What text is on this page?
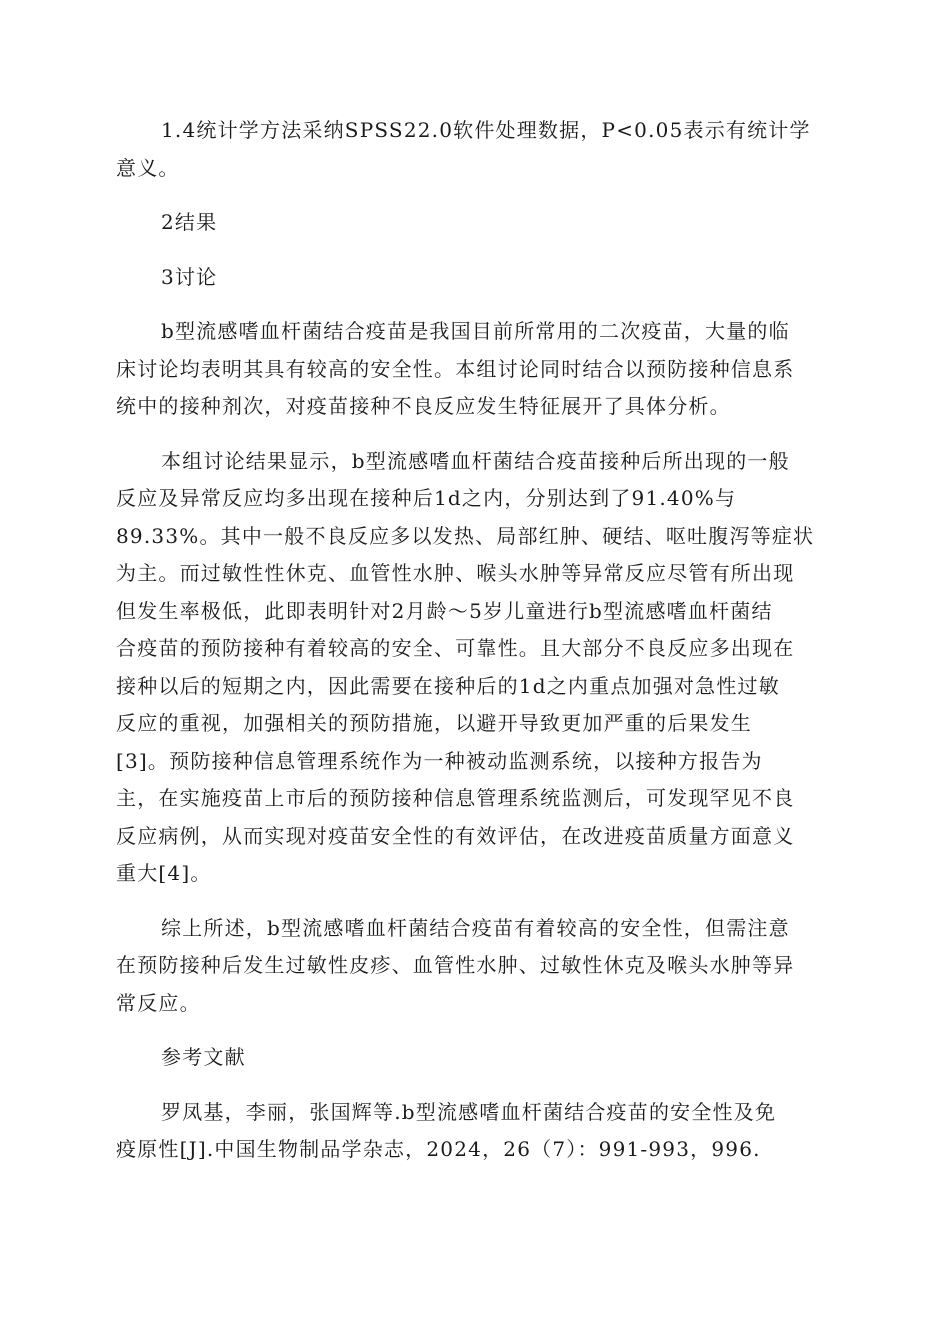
1.4统计学方法采纳SPSS22.0软件处理数据，P<0.05表示有统计学
意义。

2结果
3讨论

b型流感嗜血杆菌结合疫苗是我国目前所常用的二次疫苗，大量的临
床讨论均表明其具有较高的安全性。本组讨论同时结合以预防接种信息系
统中的接种剂次，对疫苗接种不良反应发生特征展开了具体分析。

本组讨论结果显示，b型流感嗜血杆菌结合疫苗接种后所出现的一般
反应及异常反应均多出现在接种后1d之内，分别达到了91.40%与
89.33%。其中一般不良反应多以发热、局部红肿、硬结、呕吐腹泻等症状
为主。而过敏性性休克、血管性水肿、喉头水肿等异常反应尽管有所出现
但发生率极低，此即表明针对2月龄～5岁儿童进行b型流感嗜血杆菌结
合疫苗的预防接种有着较高的安全、可靠性。且大部分不良反应多出现在
接种以后的短期之内，因此需要在接种后的1d之内重点加强对急性过敏
反应的重视，加强相关的预防措施，以避开导致更加严重的后果发生
[3]。预防接种信息管理系统作为一种被动监测系统，以接种方报告为
主，在实施疫苗上市后的预防接种信息管理系统监测后，可发现罕见不良
反应病例，从而实现对疫苗安全性的有效评估，在改进疫苗质量方面意义
重大[4]。

综上所述，b型流感嗜血杆菌结合疫苗有着较高的安全性，但需注意
在预防接种后发生过敏性皮疹、血管性水肿、过敏性休克及喉头水肿等异
常反应。

参考文献

罗凤基，李丽，张国辉等.b型流感嗜血杆菌结合疫苗的安全性及免
疫原性[J].中国生物制品学杂志，2024，26（7）：991-993，996.
